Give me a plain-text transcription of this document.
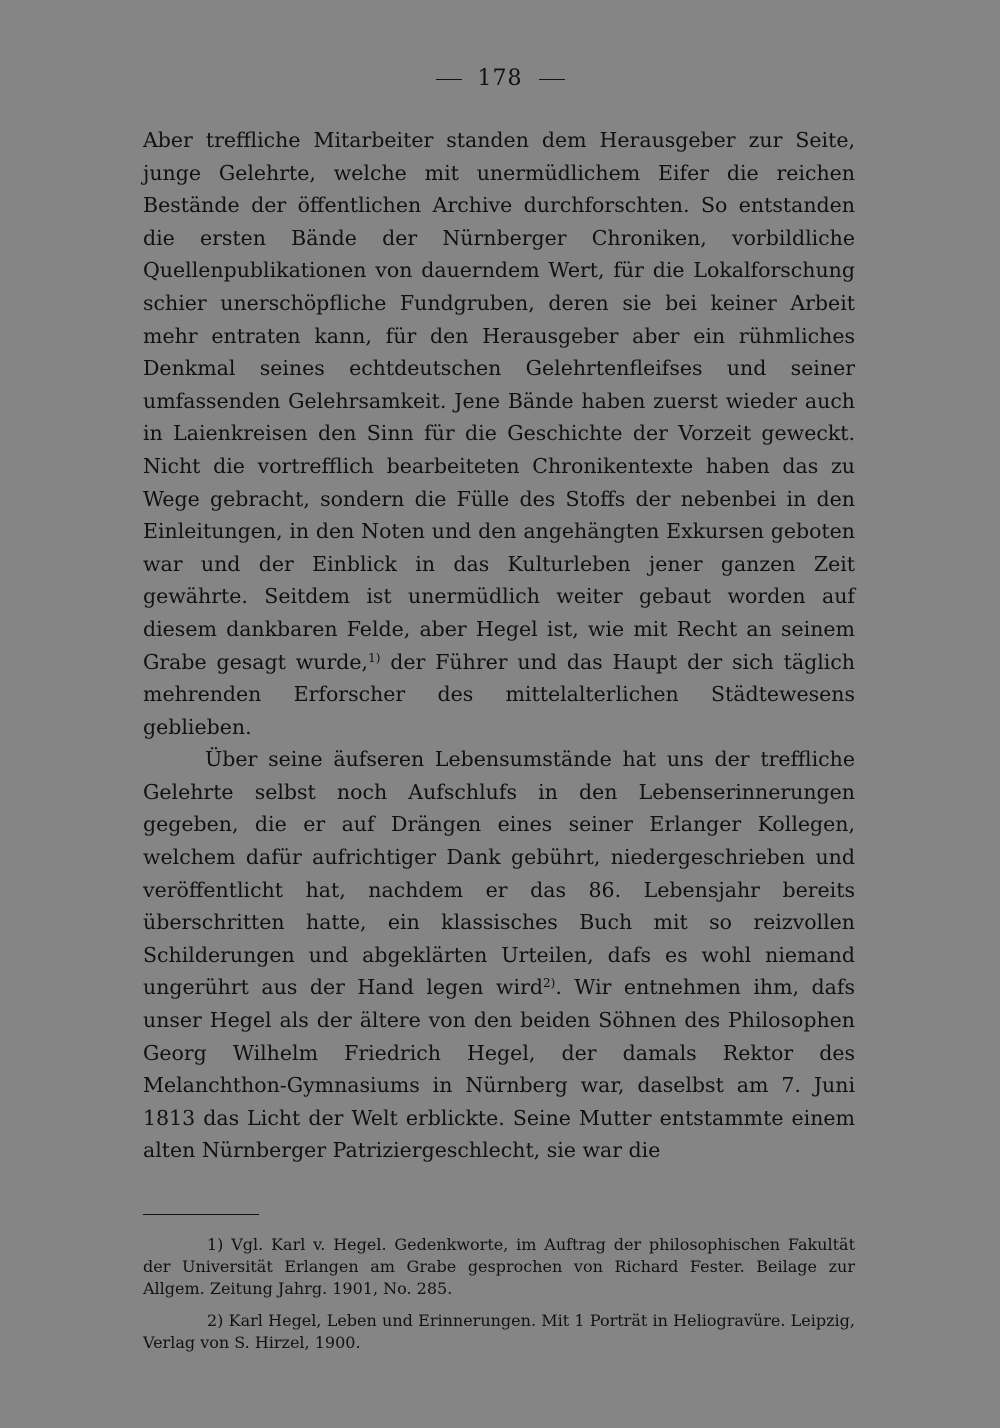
178

Aber treffliche Mitarbeiter standen dem Herausgeber zur Seite, junge Gelehrte, welche mit unermüdlichem Eifer die reichen Bestände der öffentlichen Archive durchforschten. So entstanden die ersten Bände der Nürnberger Chroniken, vorbildliche Quellenpublikationen von dauerndem Wert, für die Lokalforschung schier unerschöpfliche Fundgruben, deren sie bei keiner Arbeit mehr entraten kann, für den Herausgeber aber ein rühmliches Denkmal seines echtdeutschen Gelehrtenfleifses und seiner umfassenden Gelehrsamkeit. Jene Bände haben zuerst wieder auch in Laienkreisen den Sinn für die Geschichte der Vorzeit geweckt. Nicht die vortrefflich bearbeiteten Chronikentexte haben das zu Wege gebracht, sondern die Fülle des Stoffs der nebenbei in den Einleitungen, in den Noten und den angehängten Exkursen geboten war und der Einblick in das Kulturleben jener ganzen Zeit gewährte. Seitdem ist unermüdlich weiter gebaut worden auf diesem dankbaren Felde, aber Hegel ist, wie mit Recht an seinem Grabe gesagt wurde,$^{1)}$ der Führer und das Haupt der sich täglich mehrenden Erforscher des mittelalterlichen Städtewesens geblieben.

Über seine äufseren Lebensumstände hat uns der treffliche Gelehrte selbst noch Aufschlufs in den Lebenserinnerungen gegeben, die er auf Drängen eines seiner Erlanger Kollegen, welchem dafür aufrichtiger Dank gebührt, niedergeschrieben und veröffentlicht hat, nachdem er das 86. Lebensjahr bereits überschritten hatte, ein klassisches Buch mit so reizvollen Schilderungen und abgeklärten Urteilen, dafs es wohl niemand ungerührt aus der Hand legen wird$^{2)}$. Wir entnehmen ihm, dafs unser Hegel als der ältere von den beiden Söhnen des Philosophen Georg Wilhelm Friedrich Hegel, der damals Rektor des Melanchthon-Gymnasiums in Nürnberg war, daselbst am 7. Juni 1813 das Licht der Welt erblickte. Seine Mutter entstammte einem alten Nürnberger Patriziergeschlecht, sie war die

1) Vgl. Karl v. Hegel. Gedenkworte, im Auftrag der philosophischen Fakultät der Universität Erlangen am Grabe gesprochen von Richard Fester. Beilage zur Allgem. Zeitung Jahrg. 1901, No. 285.

2) Karl Hegel, Leben und Erinnerungen. Mit 1 Porträt in Heliogravüre. Leipzig, Verlag von S. Hirzel, 1900.
